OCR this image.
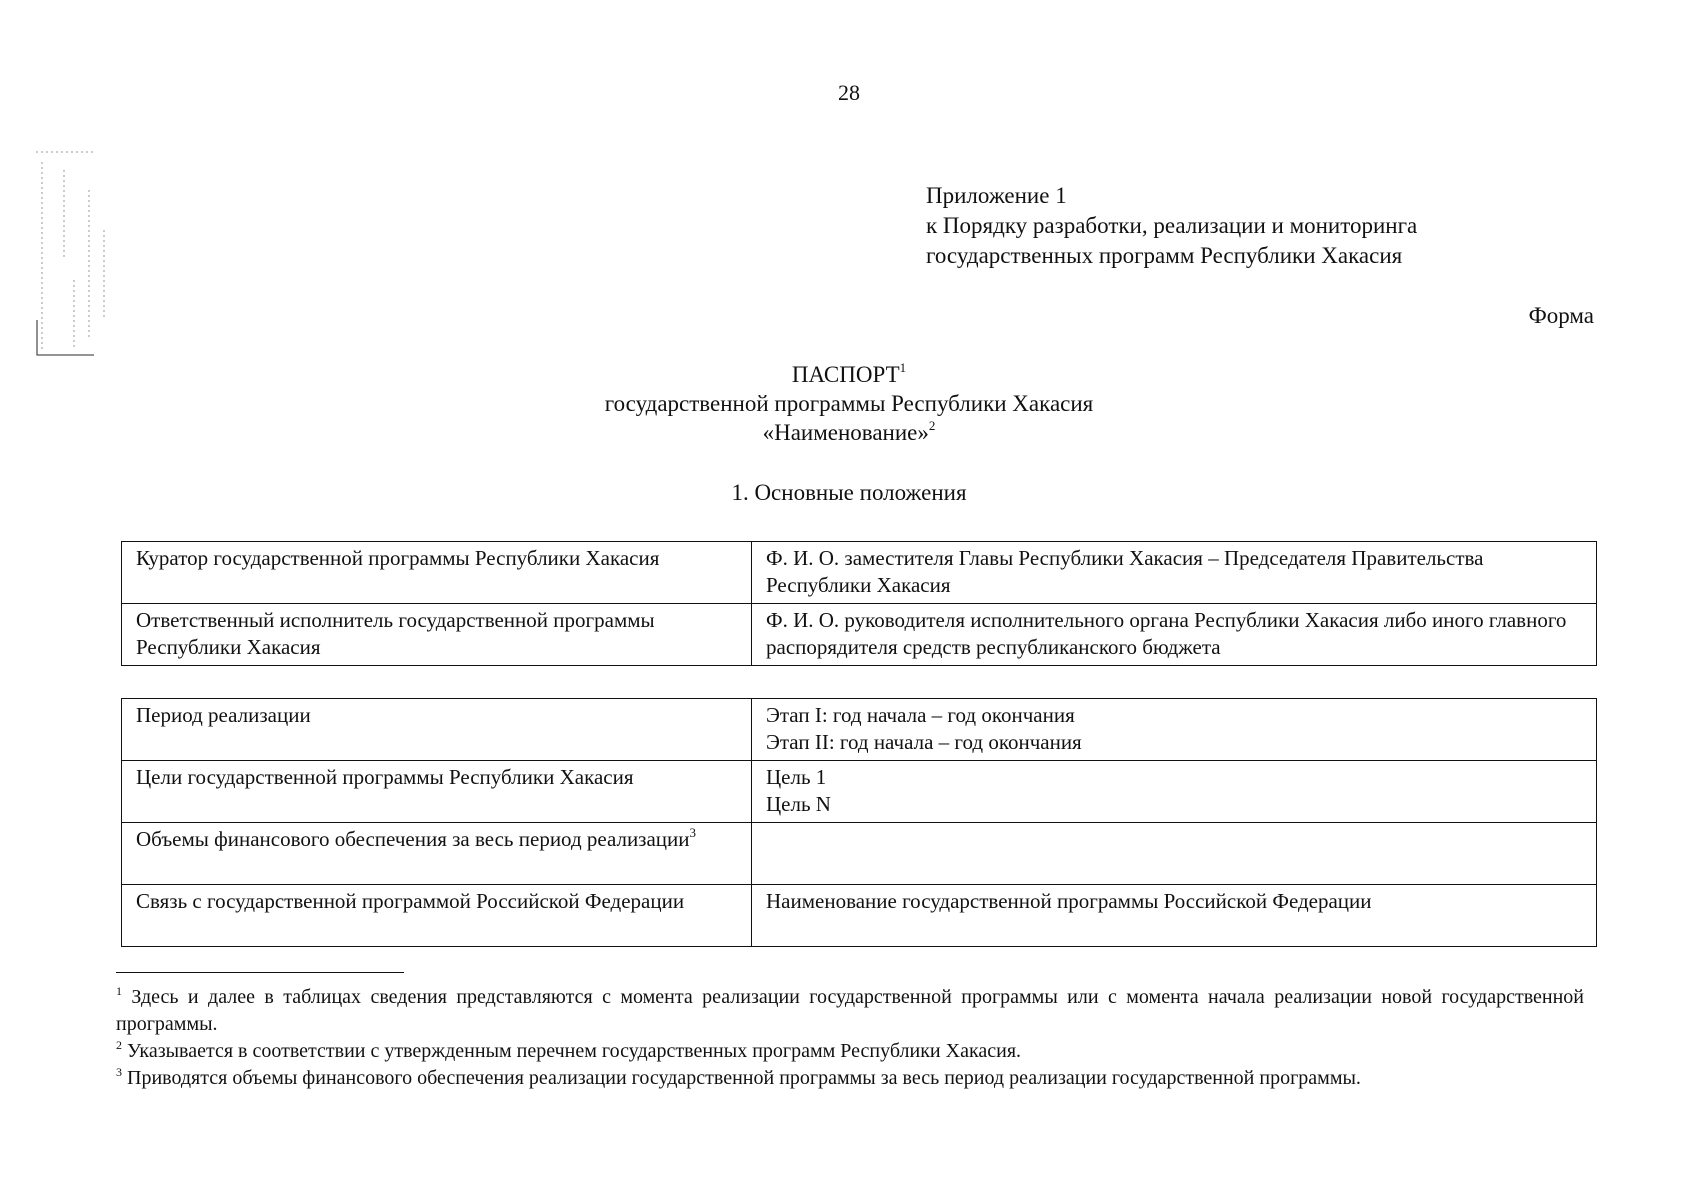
28
Приложение 1
к Порядку разработки, реализации и мониторинга
государственных программ Республики Хакасия
Форма
ПАСПОРТ$^1$
государственной программы Республики Хакасия
«Наименование»$^2$
1. Основные положения
Куратор государственной программы Республики Хакасия	Ф. И. О. заместителя Главы Республики Хакасия – Председателя Правительства Республики Хакасия
Ответственный исполнитель государственной программы Республики Хакасия	Ф. И. О. руководителя исполнительного органа Республики Хакасия либо иного главного распорядителя средств республиканского бюджета
Период реализации	Этап I: год начала – год окончания
Этап II: год начала – год окончания

Цели государственной программы Республики Хакасия	Цель 1
Цель N

Объемы финансового обеспечения за весь период реализации$^3$	
Связь с государственной программой Российской Федерации	Наименование государственной программы Российской Федерации

$^1$ Здесь и далее в таблицах сведения представляются с момента реализации государственной программы или с момента начала реализации новой государственной программы.

$^2$ Указывается в соответствии с утвержденным перечнем государственных программ Республики Хакасия.

$^3$ Приводятся объемы финансового обеспечения реализации государственной программы за весь период реализации государственной программы.
